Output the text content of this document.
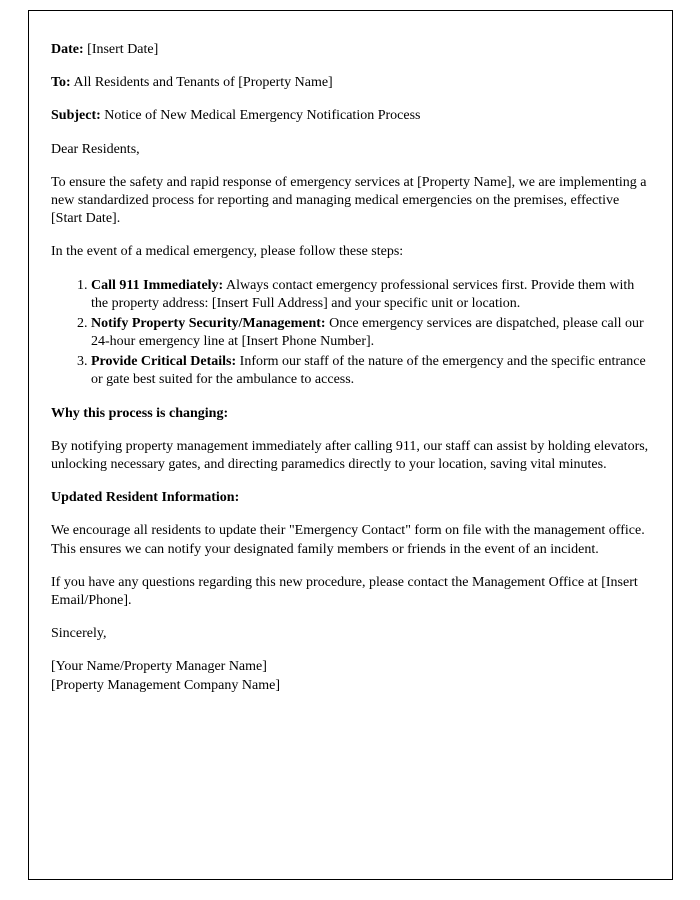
Date: [Insert Date]

To: All Residents and Tenants of [Property Name]

Subject: Notice of New Medical Emergency Notification Process

Dear Residents,

To ensure the safety and rapid response of emergency services at [Property Name], we are implementing a new standardized process for reporting and managing medical emergencies on the premises, effective [Start Date].

In the event of a medical emergency, please follow these steps:

1. Call 911 Immediately: Always contact emergency professional services first. Provide them with the property address: [Insert Full Address] and your specific unit or location.
2. Notify Property Security/Management: Once emergency services are dispatched, please call our 24-hour emergency line at [Insert Phone Number].
3. Provide Critical Details: Inform our staff of the nature of the emergency and the specific entrance or gate best suited for the ambulance to access.

Why this process is changing:

By notifying property management immediately after calling 911, our staff can assist by holding elevators, unlocking necessary gates, and directing paramedics directly to your location, saving vital minutes.

Updated Resident Information:

We encourage all residents to update their "Emergency Contact" form on file with the management office. This ensures we can notify your designated family members or friends in the event of an incident.

If you have any questions regarding this new procedure, please contact the Management Office at [Insert Email/Phone].

Sincerely,

[Your Name/Property Manager Name]

[Property Management Company Name]
